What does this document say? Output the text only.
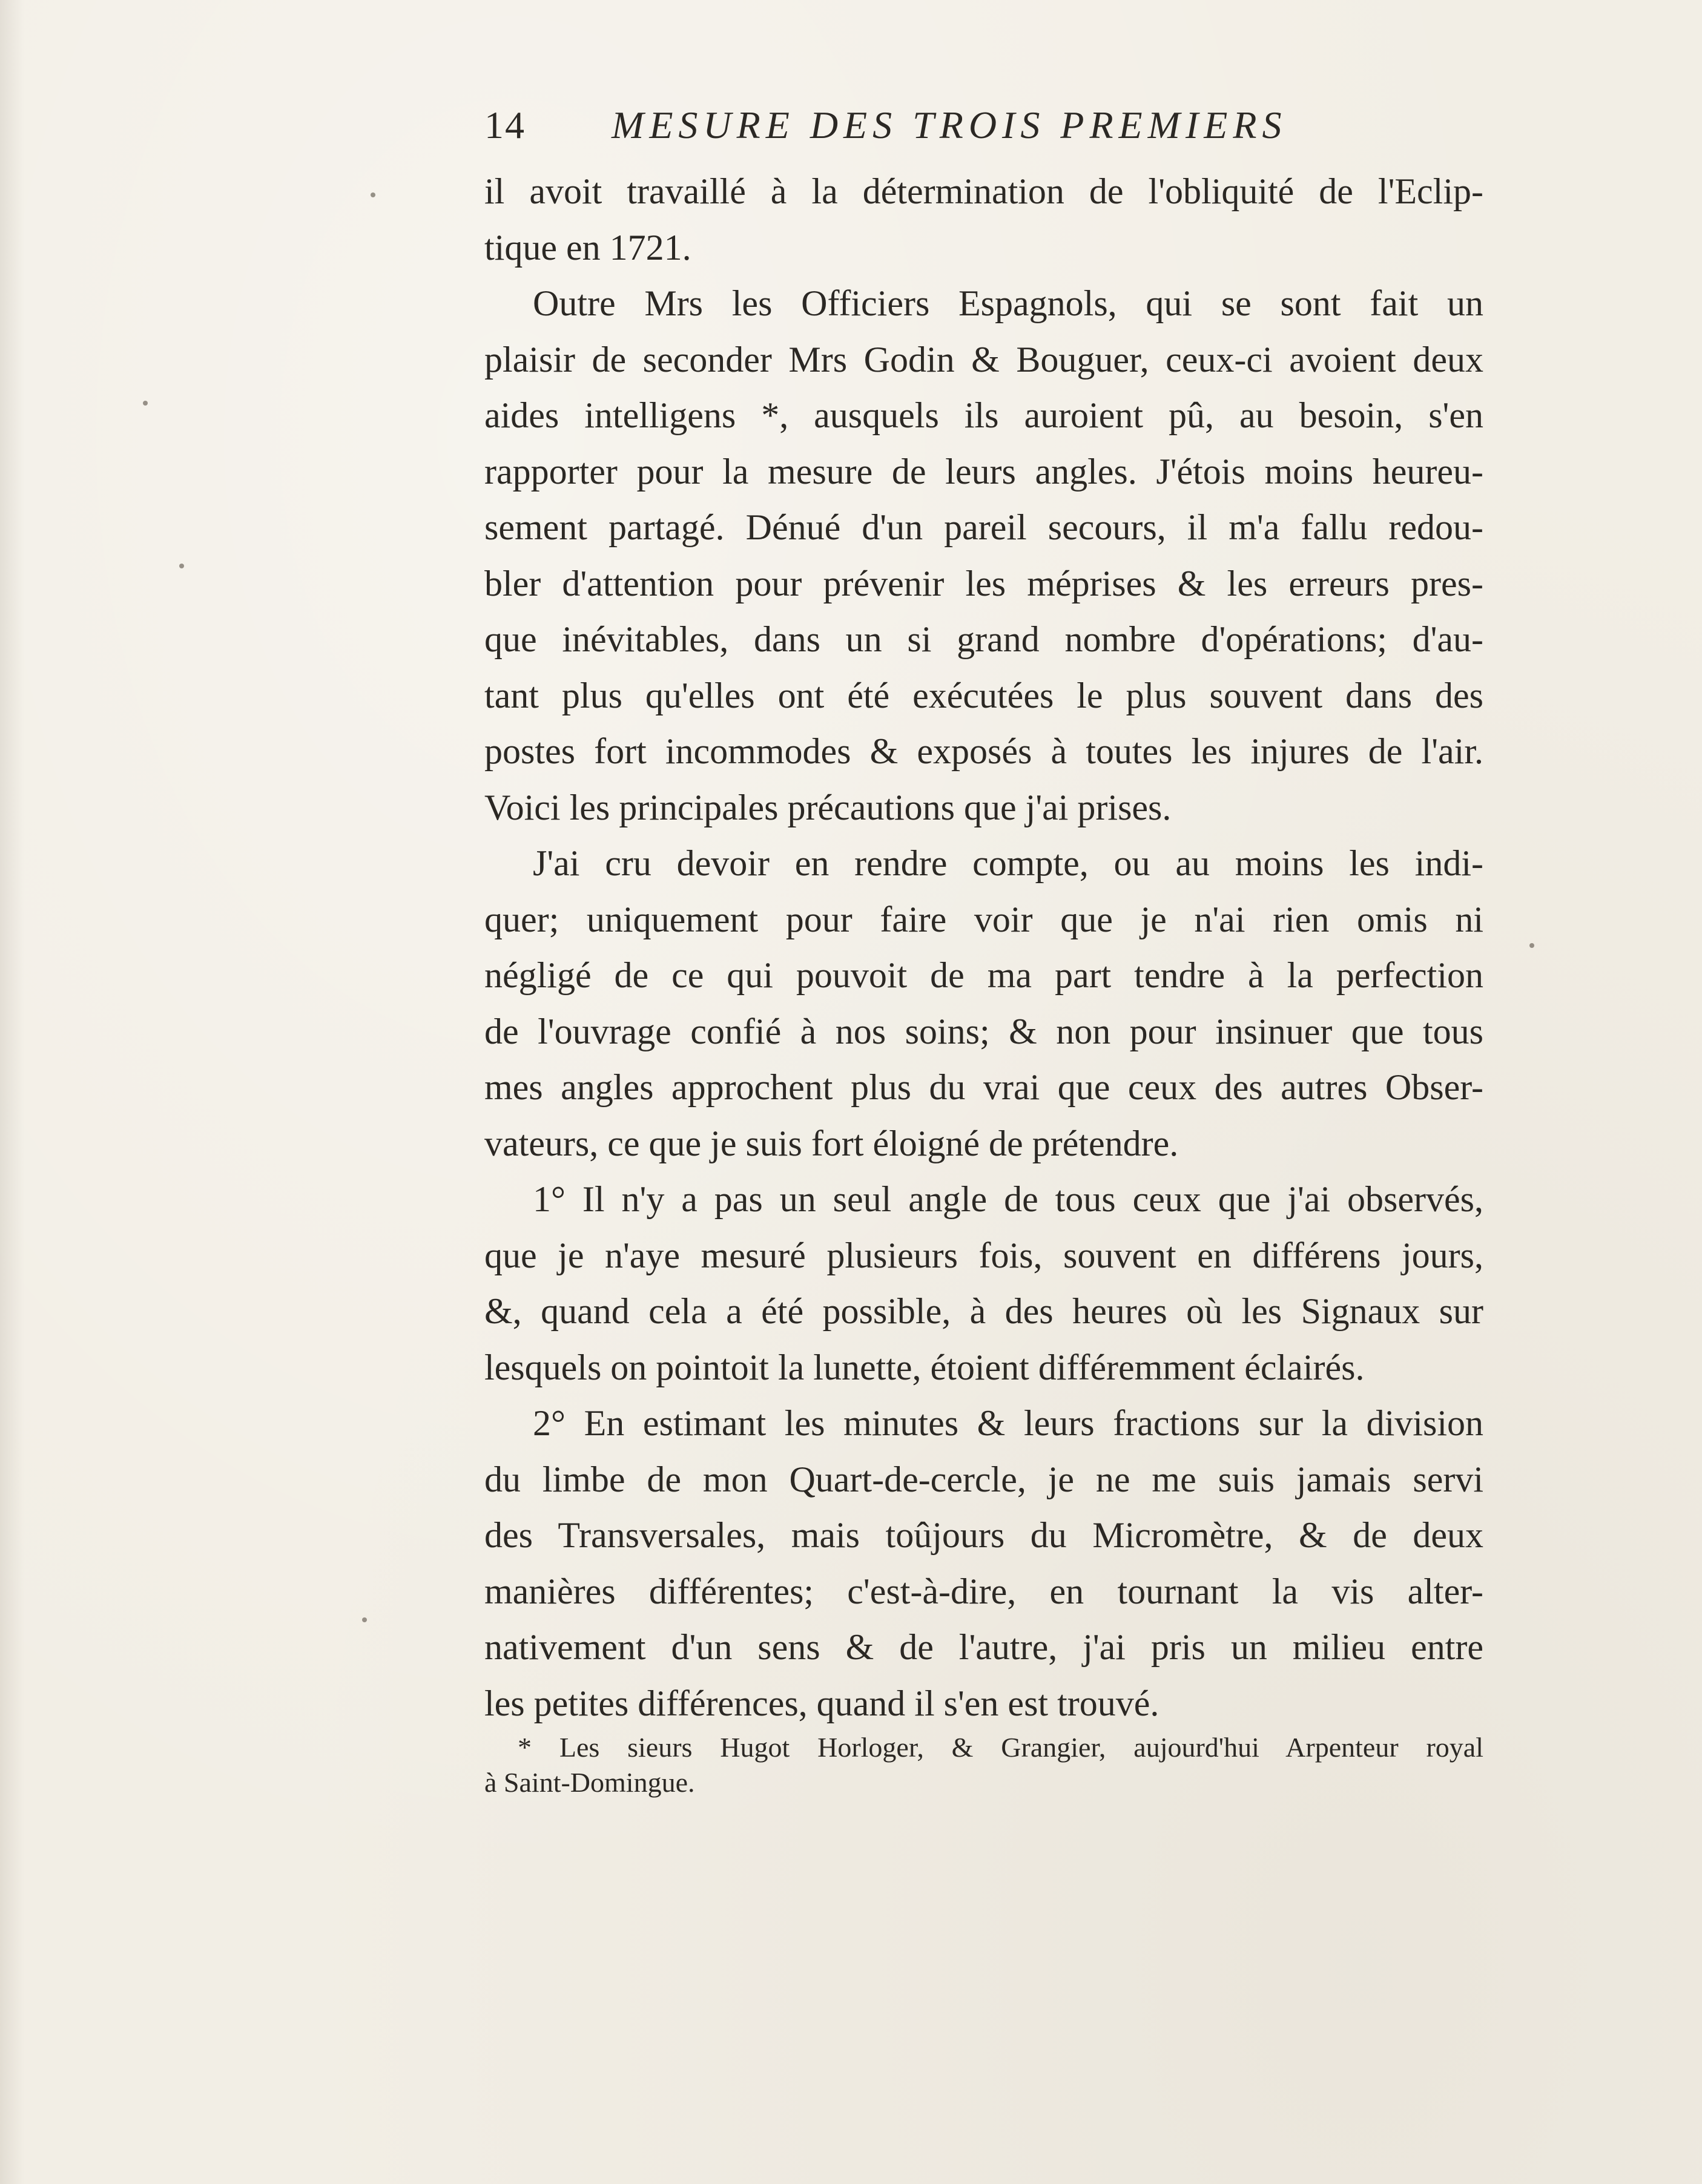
14 MESURE DES TROIS PREMIERS
il avoit travaillé à la détermination de l'obliquité de l'Eclip-
tique en 1721.
Outre Mrs les Officiers Espagnols, qui se sont fait un
plaisir de seconder Mrs Godin & Bouguer, ceux-ci avoient deux
aides intelligens *, ausquels ils auroient pû, au besoin, s'en
rapporter pour la mesure de leurs angles. J'étois moins heureu-
sement partagé. Dénué d'un pareil secours, il m'a fallu redou-
bler d'attention pour prévenir les méprises & les erreurs pres-
que inévitables, dans un si grand nombre d'opérations; d'au-
tant plus qu'elles ont été exécutées le plus souvent dans des
postes fort incommodes & exposés à toutes les injures de l'air.
Voici les principales précautions que j'ai prises.
J'ai cru devoir en rendre compte, ou au moins les indi-
quer; uniquement pour faire voir que je n'ai rien omis ni
négligé de ce qui pouvoit de ma part tendre à la perfection
de l'ouvrage confié à nos soins; & non pour insinuer que tous
mes angles approchent plus du vrai que ceux des autres Obser-
vateurs, ce que je suis fort éloigné de prétendre.
1° Il n'y a pas un seul angle de tous ceux que j'ai observés,
que je n'aye mesuré plusieurs fois, souvent en différens jours,
&, quand cela a été possible, à des heures où les Signaux sur
lesquels on pointoit la lunette, étoient différemment éclairés.
2° En estimant les minutes & leurs fractions sur la division
du limbe de mon Quart-de-cercle, je ne me suis jamais servi
des Transversales, mais toûjours du Micromètre, & de deux
manières différentes; c'est-à-dire, en tournant la vis alter-
nativement d'un sens & de l'autre, j'ai pris un milieu entre
les petites différences, quand il s'en est trouvé.
* Les sieurs Hugot Horloger, & Grangier, aujourd'hui Arpenteur royal
à Saint-Domingue.
